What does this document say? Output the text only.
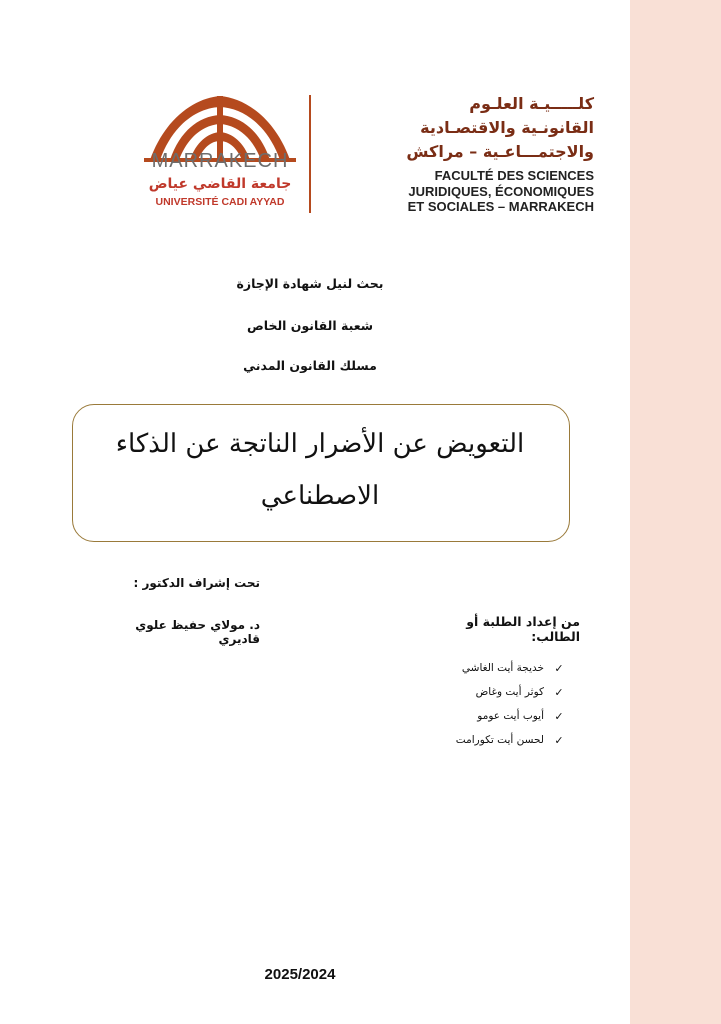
MARRAKECH
جامعة القاضي عياض
UNIVERSITÉ CADI AYYAD
كلـــــيـة العلـوم
القانونـية والاقتصـادية
والاجتمـــاعـية – مراكش
FACULTÉ DES SCIENCES
JURIDIQUES, ÉCONOMIQUES
ET SOCIALES – MARRAKECH
بحث لنيل شهادة الإجازة
شعبة القانون الخاص
مسلك القانون المدني
التعويض عن الأضرار الناتجة عن الذكاء
الاصطناعي
تحت إشراف الدكتور :
د. مولاي حفيظ علوي قاديري
من إعداد الطلبة أو الطالب:
✓
خديجة أيت الغاشي
✓
كوثر أيت وغاض
✓
أيوب أيت عومو
✓
لحسن أيت تكورامت
2025/2024
